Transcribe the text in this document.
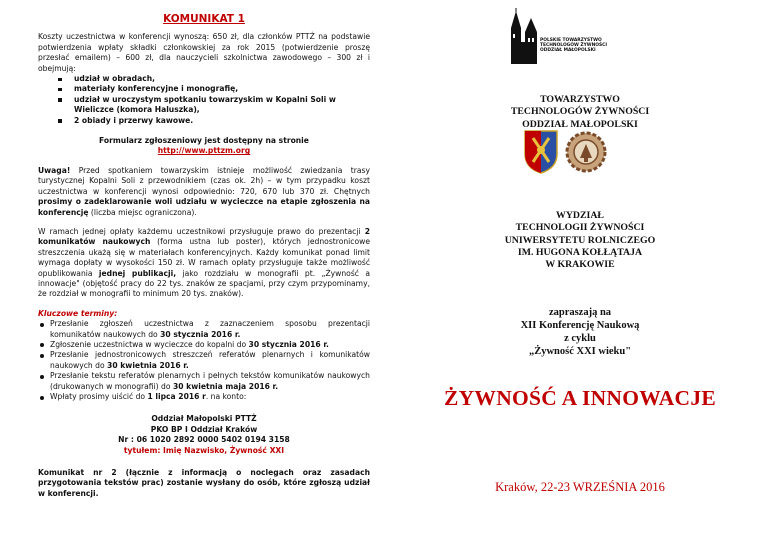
KOMUNIKAT 1

Koszty uczestnictwa w konferencji wynoszą: 650 zł, dla członków PTTŻ na podstawie potwierdzenia wpłaty składki członkowskiej za rok 2015 (potwierdzenie proszę przesłać emailem) – 600 zł, dla nauczycieli szkolnictwa zawodowego – 300 zł i obejmują:

udział w obradach,
materiały konferencyjne i monografię,
udział w uroczystym spotkaniu towarzyskim w Kopalni Soli w Wieliczce (komora Haluszka),
2 obiady i przerwy kawowe.
Formularz zgłoszeniowy jest dostępny na stronie
http://www.pttzm.org

Uwaga! Przed spotkaniem towarzyskim istnieje możliwość zwiedzania trasy turystycznej Kopalni Soli z przewodnikiem (czas ok. 2h) – w tym przypadku koszt uczestnictwa w konferencji wynosi odpowiednio: 720, 670 lub 370 zł. Chętnych prosimy o zadeklarowanie woli udziału w wycieczce na etapie zgłoszenia na konferencję (liczba miejsc ograniczona).

W ramach jednej opłaty każdemu uczestnikowi przysługuje prawo do prezentacji 2 komunikatów naukowych (forma ustna lub poster), których jednostronicowe streszczenia ukażą się w materiałach konferencyjnych. Każdy komunikat ponad limit wymaga dopłaty w wysokości 150 zł. W ramach opłaty przysługuje także możliwość opublikowania jednej publikacji, jako rozdziału w monografii pt. „Żywność a innowacje" (objętość pracy do 22 tys. znaków ze spacjami, przy czym przypominamy, że rozdział w monografii to minimum 20 tys. znaków).

Kluczowe terminy:
Przesłanie zgłoszeń uczestnictwa z zaznaczeniem sposobu prezentacji komunikatów naukowych do 30 stycznia 2016 r.
Zgłoszenie uczestnictwa w wycieczce do kopalni do 30 stycznia 2016 r.
Przesłanie jednostronicowych streszczeń referatów plenarnych i komunikatów naukowych do 30 kwietnia 2016 r.
Przesłanie tekstu referatów plenarnych i pełnych tekstów komunikatów naukowych (drukowanych w monografii) do 30 kwietnia maja 2016 r.
Wpłaty prosimy uiścić do 1 lipca 2016 r. na konto:
Oddział Małopolski PTTŻ
PKO BP I Oddział Kraków
Nr : 06 1020 2892 0000 5402 0194 3158
tytułem: Imię Nazwisko, Żywność XXI

Komunikat nr 2 (łącznie z informacją o noclegach oraz zasadach przygotowania tekstów prac) zostanie wysłany do osób, które zgłoszą udział w konferencji.

POLSKIE TOWARZYSTWO
TECHNOLOGÓW ŻYWNOŚCI
ODDZIAŁ MAŁOPOLSKI
TOWARZYSTWO
TECHNOLOGÓW ŻYWNOŚCI
ODDZIAŁ MAŁOPOLSKI
WYDZIAŁ
TECHNOLOGII ŻYWNOŚCI
UNIWERSYTETU ROLNICZEGO
IM. HUGONA KOŁŁĄTAJA
W KRAKOWIE
zapraszają na
XII Konferencję Naukową
z cyklu
„Żywność XXI wieku"
ŻYWNOŚĆ A INNOWACJE
Kraków, 22-23 WRZEŚNIA 2016
